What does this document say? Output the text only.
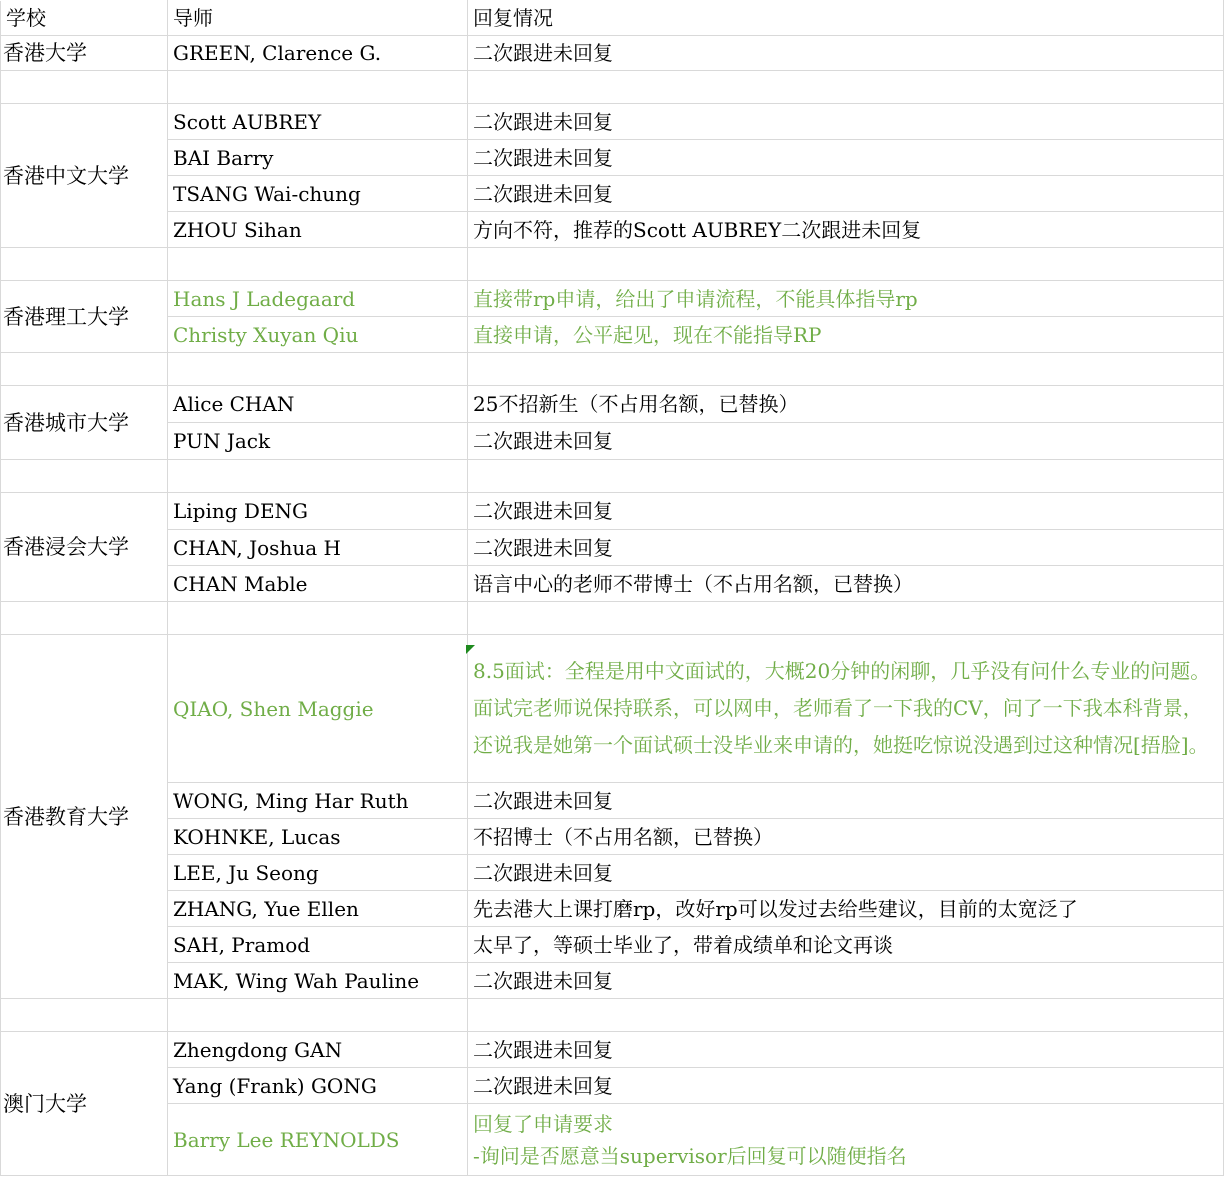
学校	导师	回复情况
香港大学	GREEN, Clarence G.	二次跟进未回复

香港中文大学	Scott AUBREY	二次跟进未回复
	BAI Barry	二次跟进未回复
	TSANG Wai-chung	二次跟进未回复
	ZHOU Sihan	方向不符，推荐的Scott AUBREY二次跟进未回复

香港理工大学	Hans J Ladegaard	直接带rp申请，给出了申请流程，不能具体指导rp
	Christy Xuyan Qiu	直接申请，公平起见，现在不能指导RP

香港城市大学	Alice CHAN	25不招新生（不占用名额，已替换）
	PUN Jack	二次跟进未回复

香港浸会大学	Liping DENG	二次跟进未回复
	CHAN, Joshua H	二次跟进未回复
	CHAN Mable	语言中心的老师不带博士（不占用名额，已替换）

香港教育大学	QIAO, Shen Maggie	8.5面试：全程是用中文面试的，大概20分钟的闲聊，几乎没有问什么专业的问题。面试完老师说保持联系，可以网申，老师看了一下我的CV，问了一下我本科背景，还说我是她第一个面试硕士没毕业来申请的，她挺吃惊说没遇到过这种情况[捂脸]。
	WONG, Ming Har Ruth	二次跟进未回复
	KOHNKE, Lucas	不招博士（不占用名额，已替换）
	LEE, Ju Seong	二次跟进未回复
	ZHANG, Yue Ellen	先去港大上课打磨rp，改好rp可以发过去给些建议，目前的太宽泛了
	SAH, Pramod	太早了，等硕士毕业了，带着成绩单和论文再谈
	MAK, Wing Wah Pauline	二次跟进未回复

澳门大学	Zhengdong GAN	二次跟进未回复
	Yang (Frank) GONG	二次跟进未回复
	Barry Lee REYNOLDS	回复了申请要求
-询问是否愿意当supervisor后回复可以随便指名
